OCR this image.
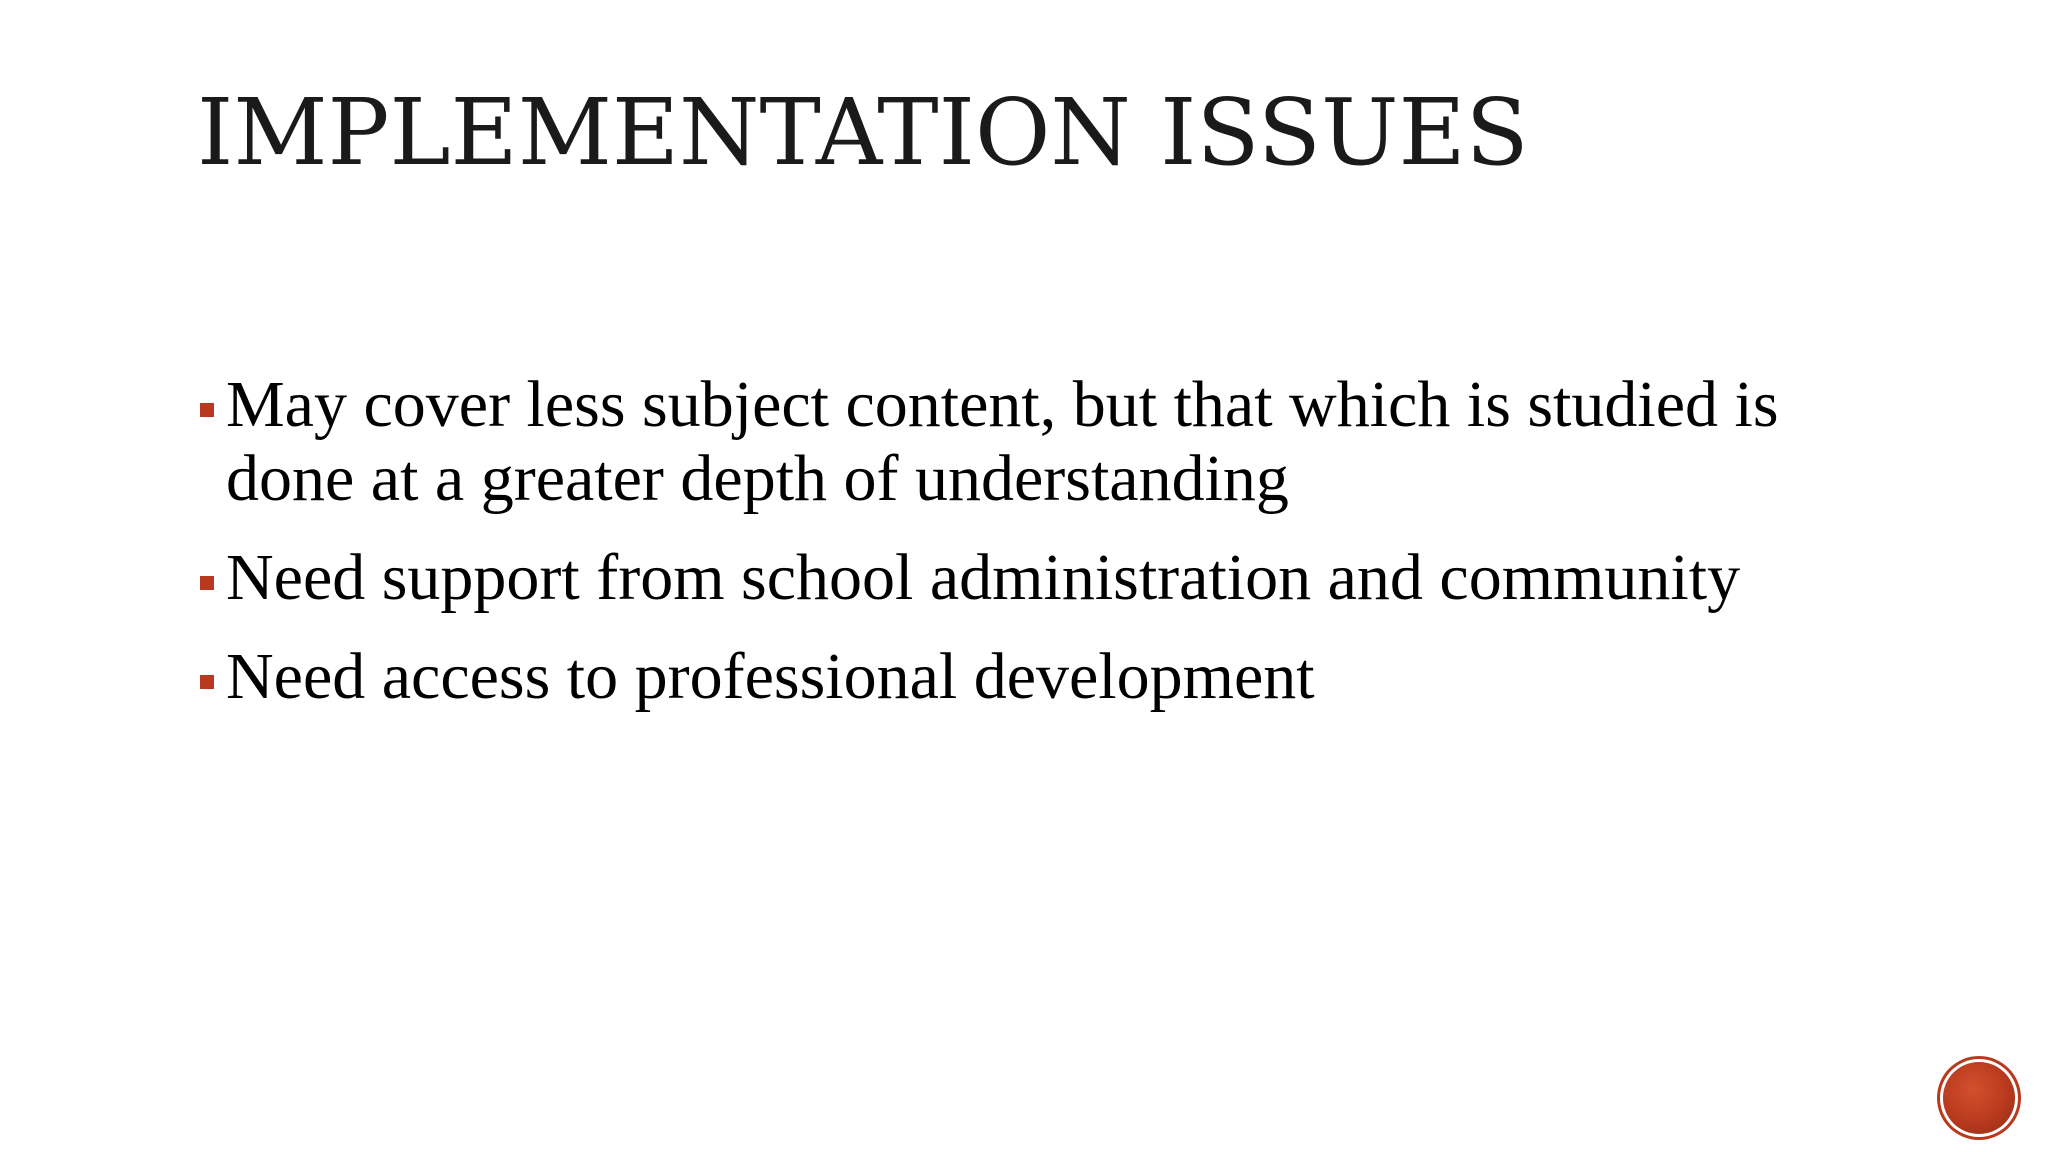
IMPLEMENTATION ISSUES
May cover less subject content, but that which is studied is done at a greater depth of understanding
Need support from school administration and community
Need access to professional development
